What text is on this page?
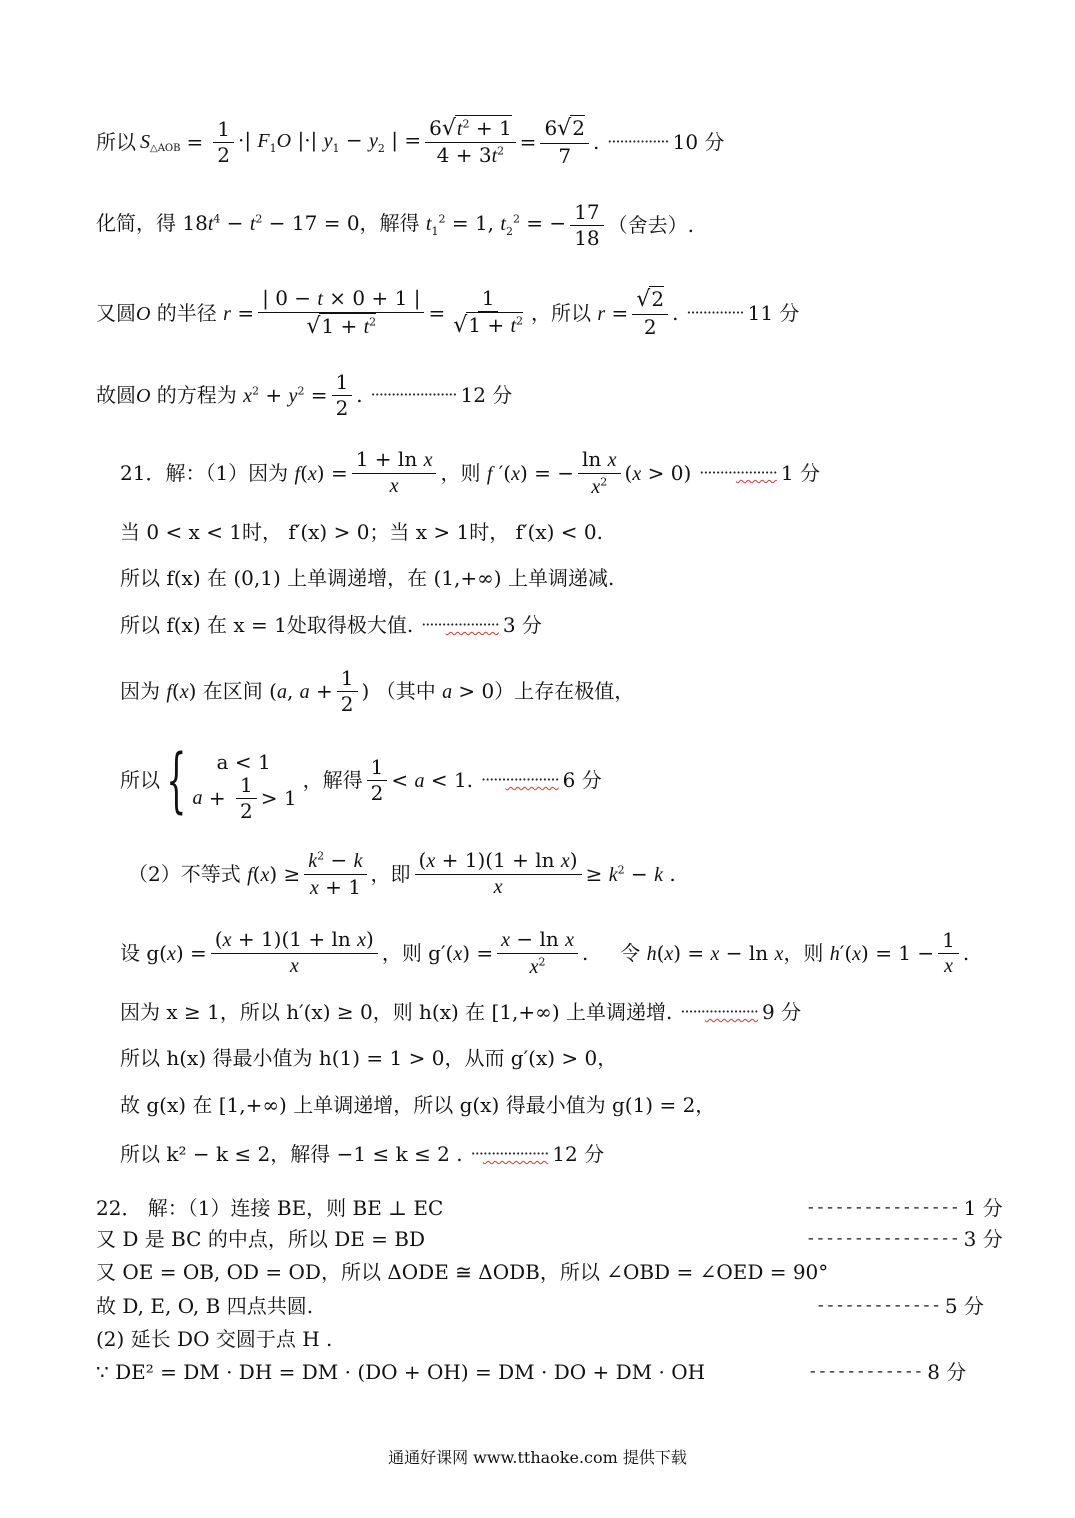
所以 S △AOB = $\frac{1}{2}$ ·| $F_1O$ |·| $y_1 - y_2$ | = $\frac{6√t^2 + 1}{4 + 3t^2} = \frac{6√2}{7}$ . ··············· 10 分
化简，得 $18t^4 - t^2 - 17 = 0$，解得 $t_1^2 = 1$, $t_2^2$ = − $\frac{17}{18}$ （舍去）.
又圆 O 的半径 $r = \frac{| 0 - t \times 0 + 1 |}{√1 + t^2} = \frac{1}{√1 + t^2}$ ，所以 $r = \frac{√2}{2}$ . ·············· 11 分
故圆 O 的方程为 $x^2 + y^2 = \frac{1}{2}$ . ····················· 12 分
21．解：（1）因为 $f(x) = \frac{\text{1 + ln x}}{x}$ ，则 f ′(x) = − $\frac{\text{ln x}}{x^2} (x > 0)$ ··················· 1 分
当 0 < x < 1时， f′(x) > 0；当 x > 1时， f′(x) < 0.
所以 f(x) 在 (0,1) 上单调递增，在 (1,+∞) 上单调递减.
所以 f(x) 在 x = 1处取得极大值. ··················· 3 分
因为 f(x) 在区间 (a, $a + \frac{1}{2}$ ) （其中 a > 0）上存在极值，
所以 { a < 1
$a + \frac{1}{2} > 1$
，解得 $\frac{1}{2} < a < 1$. ··················· 6 分
（2）不等式 $f(x) \ge \frac{k^2 - k}{x + 1}$ ，即 $\frac{\text{(x + 1)(1 + ln x)}}{x} \ge k^2 - k$ .
设 $g(x) = \frac{\text{(x + 1)(1 + ln x)}}{x}$ ，则 $g'(x) = \frac{\text{x − ln x}}{x^2}$ .     令 h(x) = x − ln x，则 $h'(x) = 1 - \frac{1}{x}$ .
因为 x ≥ 1，所以 h′(x) ≥ 0，则 h(x) 在 [1,+∞) 上单调递增. ··················· 9 分
所以 h(x) 得最小值为 h(1) = 1 > 0，从而 g′(x) > 0，
故 g(x) 在 [1,+∞) 上单调递增，所以 g(x) 得最小值为 g(1) = 2，
所以 k² − k ≤ 2，解得 −1 ≤ k ≤ 2 . ··················· 12 分
22． 解：（1）连接 BE，则 BE ⊥ EC	---------------- 1 分
又 D 是 BC 的中点，所以 DE = BD	---------------- 3 分
又 OE = OB, OD = OD，所以 ΔODE ≅ ΔODB，所以 ∠OBD = ∠OED = 90°
故 D, E, O, B 四点共圆.	------------- 5 分
(2) 延长 DO 交圆于点 H .
∵ DE² = DM · DH = DM · (DO + OH) = DM · DO + DM · OH	------------ 8 分
通通好课网 www.tthaoke.com 提供下载
